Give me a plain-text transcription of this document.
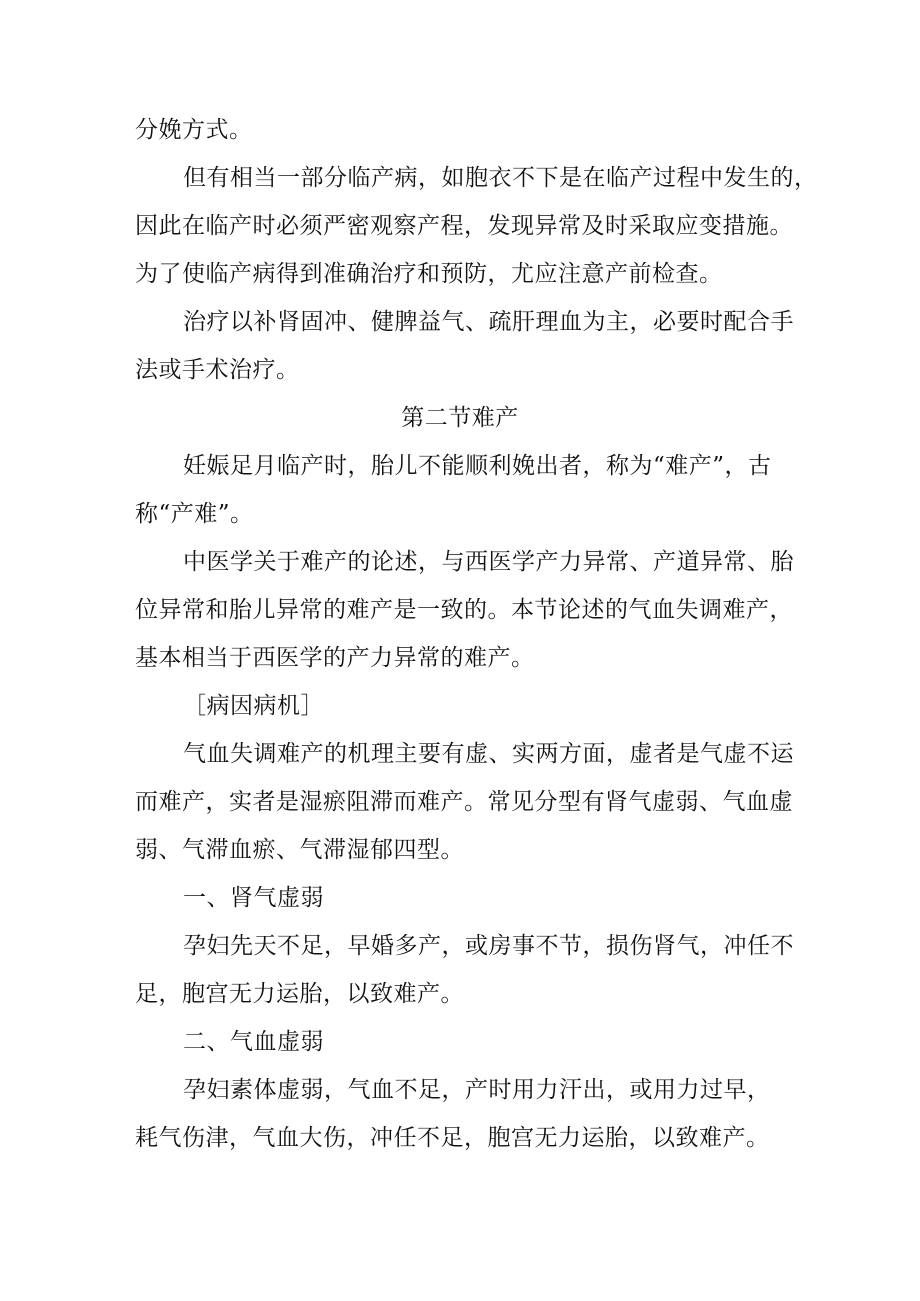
分娩方式。
但有相当一部分临产病，如胞衣不下是在临产过程中发生的，
因此在临产时必须严密观察产程，发现异常及时采取应变措施。
为了使临产病得到准确治疗和预防，尤应注意产前检查。
治疗以补肾固冲、健脾益气、疏肝理血为主，必要时配合手
法或手术治疗。
第二节难产
妊娠足月临产时，胎儿不能顺利娩出者，称为“难产”，古
称“产难”。
中医学关于难产的论述，与西医学产力异常、产道异常、胎
位异常和胎儿异常的难产是一致的。本节论述的气血失调难产，
基本相当于西医学的产力异常的难产。
［病因病机］
气血失调难产的机理主要有虚、实两方面，虚者是气虚不运
而难产，实者是湿瘀阻滞而难产。常见分型有肾气虚弱、气血虚
弱、气滞血瘀、气滞湿郁四型。
一、肾气虚弱
孕妇先天不足，早婚多产，或房事不节，损伤肾气，冲任不
足，胞宫无力运胎，以致难产。
二、气血虚弱
孕妇素体虚弱，气血不足，产时用力汗出，或用力过早，
耗气伤津，气血大伤，冲任不足，胞宫无力运胎，以致难产。
